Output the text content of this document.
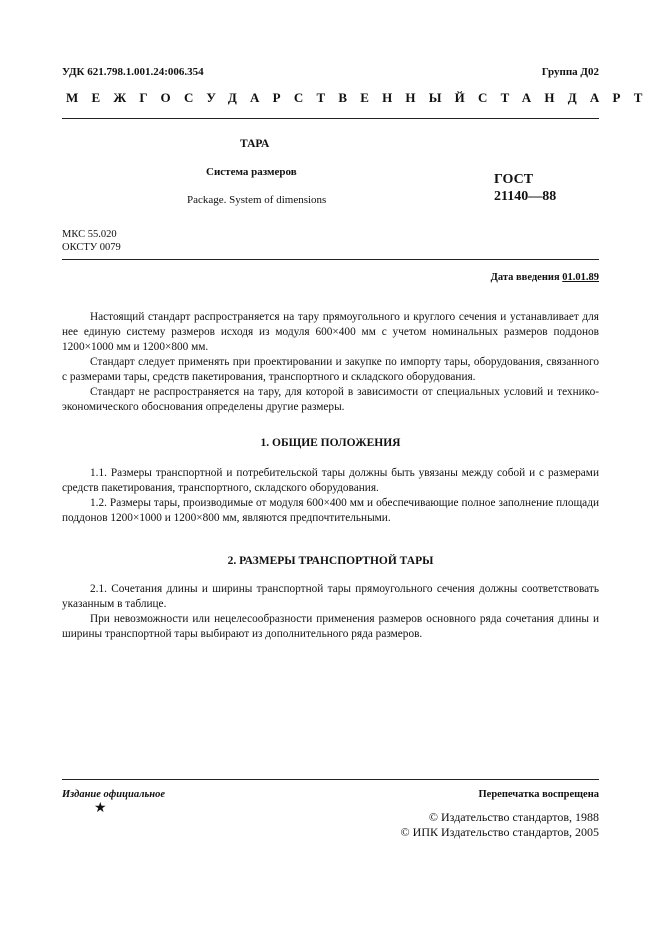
УДК 621.798.1.001.24:006.354	Группа Д02
МЕЖГОСУДАРСТВЕННЫЙ СТАНДАРТ
ТАРА
Система размеров
Package. System of dimensions
ГОСТ
21140—88
МКС 55.020
ОКСТУ 0079
Дата введения 01.01.89

Настоящий стандарт распространяется на тару прямоугольного и круглого сечения и устанавливает для нее единую систему размеров исходя из модуля 600×400 мм с учетом номинальных размеров поддонов 1200×1000 мм и 1200×800 мм.

Стандарт следует применять при проектировании и закупке по импорту тары, оборудования, связанного с размерами тары, средств пакетирования, транспортного и складского оборудования.

Стандарт не распространяется на тару, для которой в зависимости от специальных условий и технико-экономического обоснования определены другие размеры.

1. ОБЩИЕ ПОЛОЖЕНИЯ

1.1. Размеры транспортной и потребительской тары должны быть увязаны между собой и с размерами средств пакетирования, транспортного, складского оборудования.

1.2. Размеры тары, производимые от модуля 600×400 мм и обеспечивающие полное заполнение площади поддонов 1200×1000 и 1200×800 мм, являются предпочтительными.

2. РАЗМЕРЫ ТРАНСПОРТНОЙ ТАРЫ

2.1. Сочетания длины и ширины транспортной тары прямоугольного сечения должны соответствовать указанным в таблице.

При невозможности или нецелесообразности применения размеров основного ряда сочетания длины и ширины транспортной тары выбирают из дополнительного ряда размеров.

Издание официальное	Перепечатка воспрещена
★
© Издательство стандартов, 1988
© ИПК Издательство стандартов, 2005
